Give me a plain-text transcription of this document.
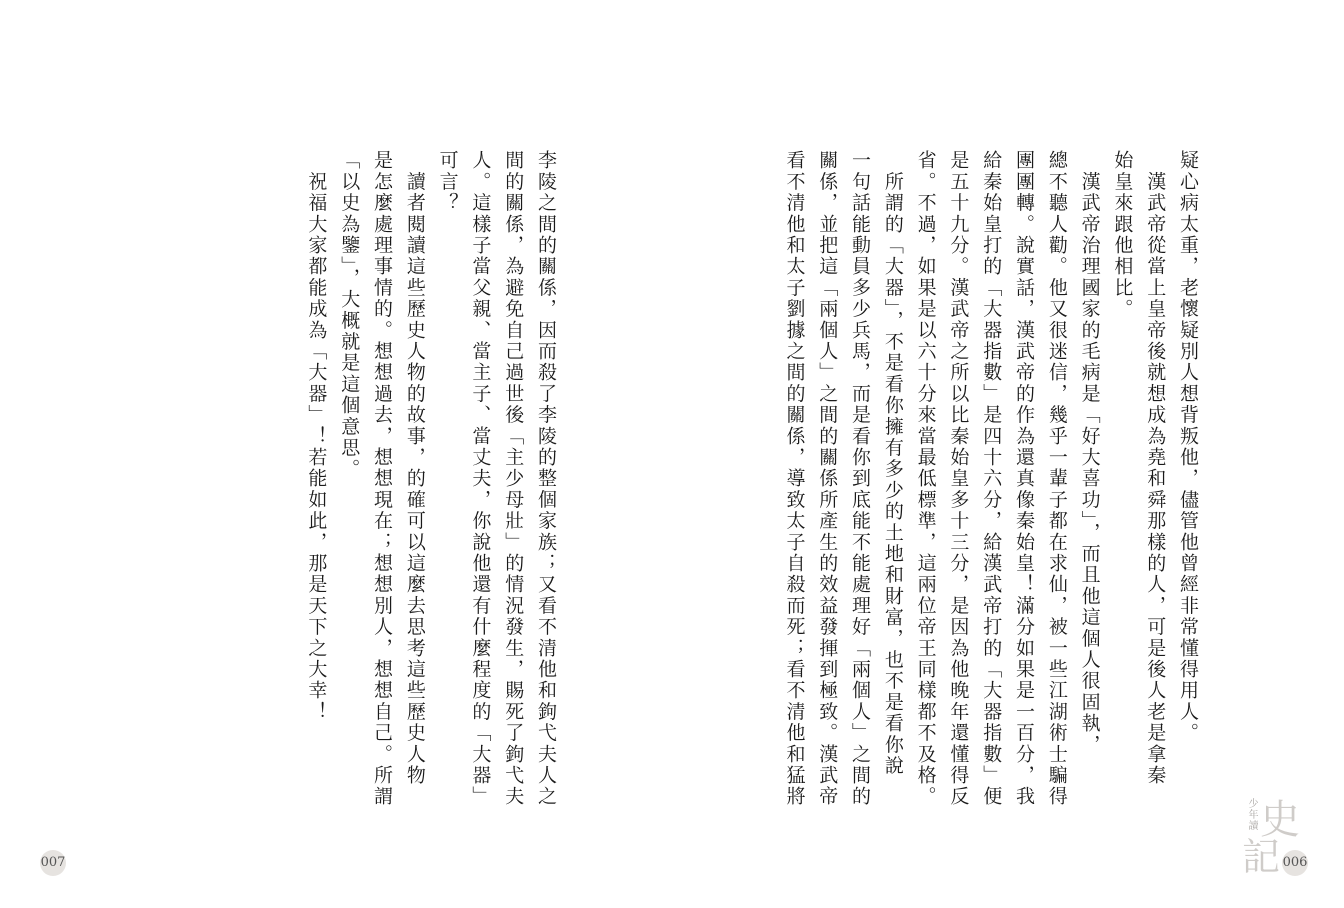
李陵之間的關係，因而殺了李陵的整個家族；又看不清他和鉤弋夫人之
間的關係，為避免自己過世後「主少母壯」的情況發生，賜死了鉤弋夫
人。這樣子當父親、當主子、當丈夫，你說他還有什麼程度的「大器」
可言？
　讀者閱讀這些歷史人物的故事，的確可以這麼去思考這些歷史人物
是怎麼處理事情的。想想過去，想想現在；想想別人，想想自己。所謂
「以史為鑒」，大概就是這個意思。
　祝福大家都能成為「大器」！若能如此，那是天下之大幸！	疑心病太重，老懷疑別人想背叛他，儘管他曾經非常懂得用人。
　漢武帝從當上皇帝後就想成為堯和舜那樣的人，可是後人老是拿秦
始皇來跟他相比。
　漢武帝治理國家的毛病是「好大喜功」，而且他這個人很固執，
總不聽人勸。他又很迷信，幾乎一輩子都在求仙，被一些江湖術士騙得
團團轉。說實話，漢武帝的作為還真像秦始皇！滿分如果是一百分，我
給秦始皇打的「大器指數」是四十六分，給漢武帝打的「大器指數」便
是五十九分。漢武帝之所以比秦始皇多十三分，是因為他晚年還懂得反
省。不過，如果是以六十分來當最低標準，這兩位帝王同樣都不及格。
　所謂的「大器」，不是看你擁有多少的土地和財富，也不是看你說
一句話能動員多少兵馬，而是看你到底能不能處理好「兩個人」之間的
關係，並把這「兩個人」之間的關係所產生的效益發揮到極致。漢武帝
看不清他和太子劉據之間的關係，導致太子自殺而死；看不清他和猛將
007
少年讀 史
記 006
